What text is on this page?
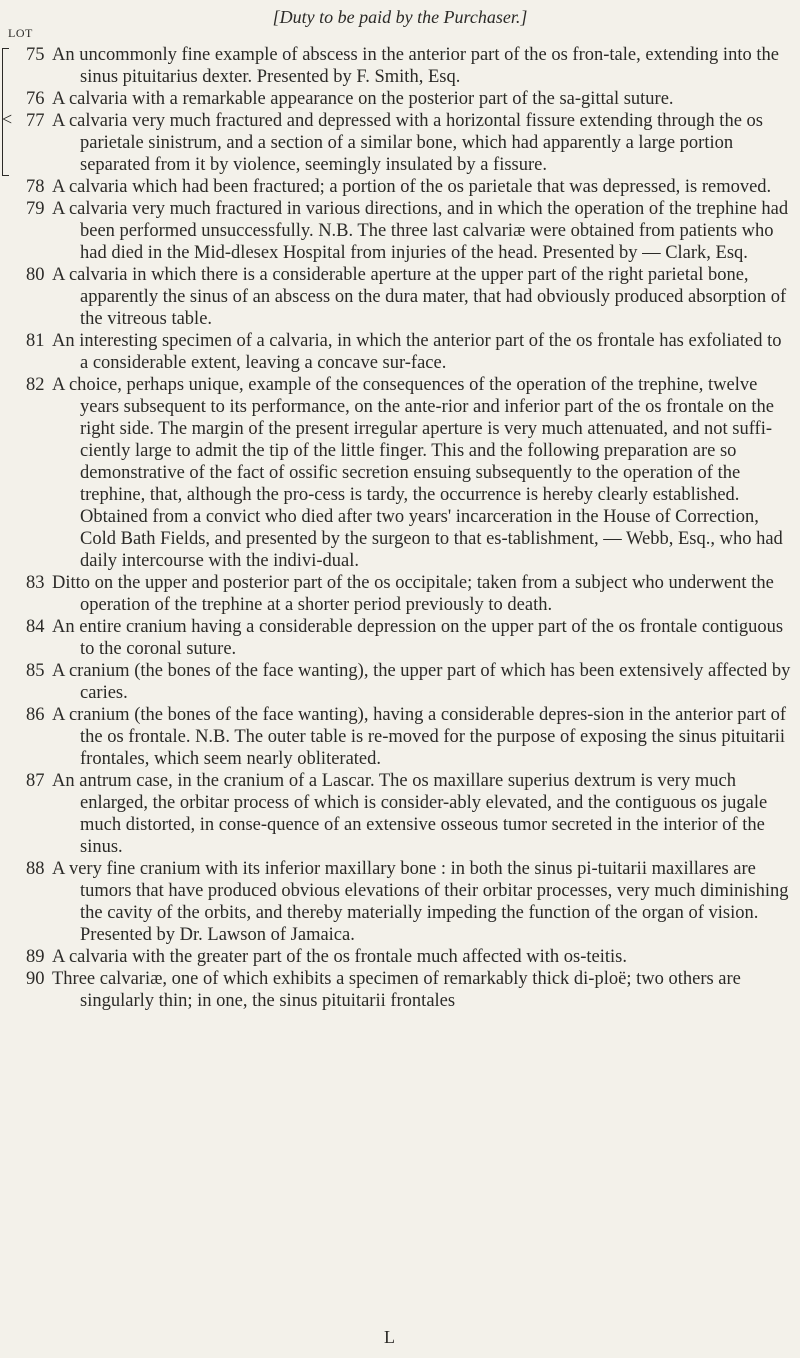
[Duty to be paid by the Purchaser.]
LOT
<
75 An uncommonly fine example of abscess in the anterior part of the os fron-tale, extending into the sinus pituitarius dexter. Presented by F. Smith, Esq.
76 A calvaria with a remarkable appearance on the posterior part of the sa-gittal suture.
77 A calvaria very much fractured and depressed with a horizontal fissure extending through the os parietale sinistrum, and a section of a similar bone, which had apparently a large portion separated from it by violence, seemingly insulated by a fissure.
78 A calvaria which had been fractured; a portion of the os parietale that was depressed, is removed.
79 A calvaria very much fractured in various directions, and in which the operation of the trephine had been performed unsuccessfully. N.B. The three last calvariæ were obtained from patients who had died in the Mid-dlesex Hospital from injuries of the head. Presented by — Clark, Esq.
80 A calvaria in which there is a considerable aperture at the upper part of the right parietal bone, apparently the sinus of an abscess on the dura mater, that had obviously produced absorption of the vitreous table.
81 An interesting specimen of a calvaria, in which the anterior part of the os frontale has exfoliated to a considerable extent, leaving a concave sur-face.
82 A choice, perhaps unique, example of the consequences of the operation of the trephine, twelve years subsequent to its performance, on the ante-rior and inferior part of the os frontale on the right side. The margin of the present irregular aperture is very much attenuated, and not suffi-ciently large to admit the tip of the little finger. This and the following preparation are so demonstrative of the fact of ossific secretion ensuing subsequently to the operation of the trephine, that, although the pro-cess is tardy, the occurrence is hereby clearly established. Obtained from a convict who died after two years' incarceration in the House of Correction, Cold Bath Fields, and presented by the surgeon to that es-tablishment, — Webb, Esq., who had daily intercourse with the indivi-dual.
83 Ditto on the upper and posterior part of the os occipitale; taken from a subject who underwent the operation of the trephine at a shorter period previously to death.
84 An entire cranium having a considerable depression on the upper part of the os frontale contiguous to the coronal suture.
85 A cranium (the bones of the face wanting), the upper part of which has been extensively affected by caries.
86 A cranium (the bones of the face wanting), having a considerable depres-sion in the anterior part of the os frontale. N.B. The outer table is re-moved for the purpose of exposing the sinus pituitarii frontales, which seem nearly obliterated.
87 An antrum case, in the cranium of a Lascar. The os maxillare superius dextrum is very much enlarged, the orbitar process of which is consider-ably elevated, and the contiguous os jugale much distorted, in conse-quence of an extensive osseous tumor secreted in the interior of the sinus.
88 A very fine cranium with its inferior maxillary bone : in both the sinus pi-tuitarii maxillares are tumors that have produced obvious elevations of their orbitar processes, very much diminishing the cavity of the orbits, and thereby materially impeding the function of the organ of vision. Presented by Dr. Lawson of Jamaica.
89 A calvaria with the greater part of the os frontale much affected with os-teitis.
90 Three calvariæ, one of which exhibits a specimen of remarkably thick di-ploë; two others are singularly thin; in one, the sinus pituitarii frontales
L
